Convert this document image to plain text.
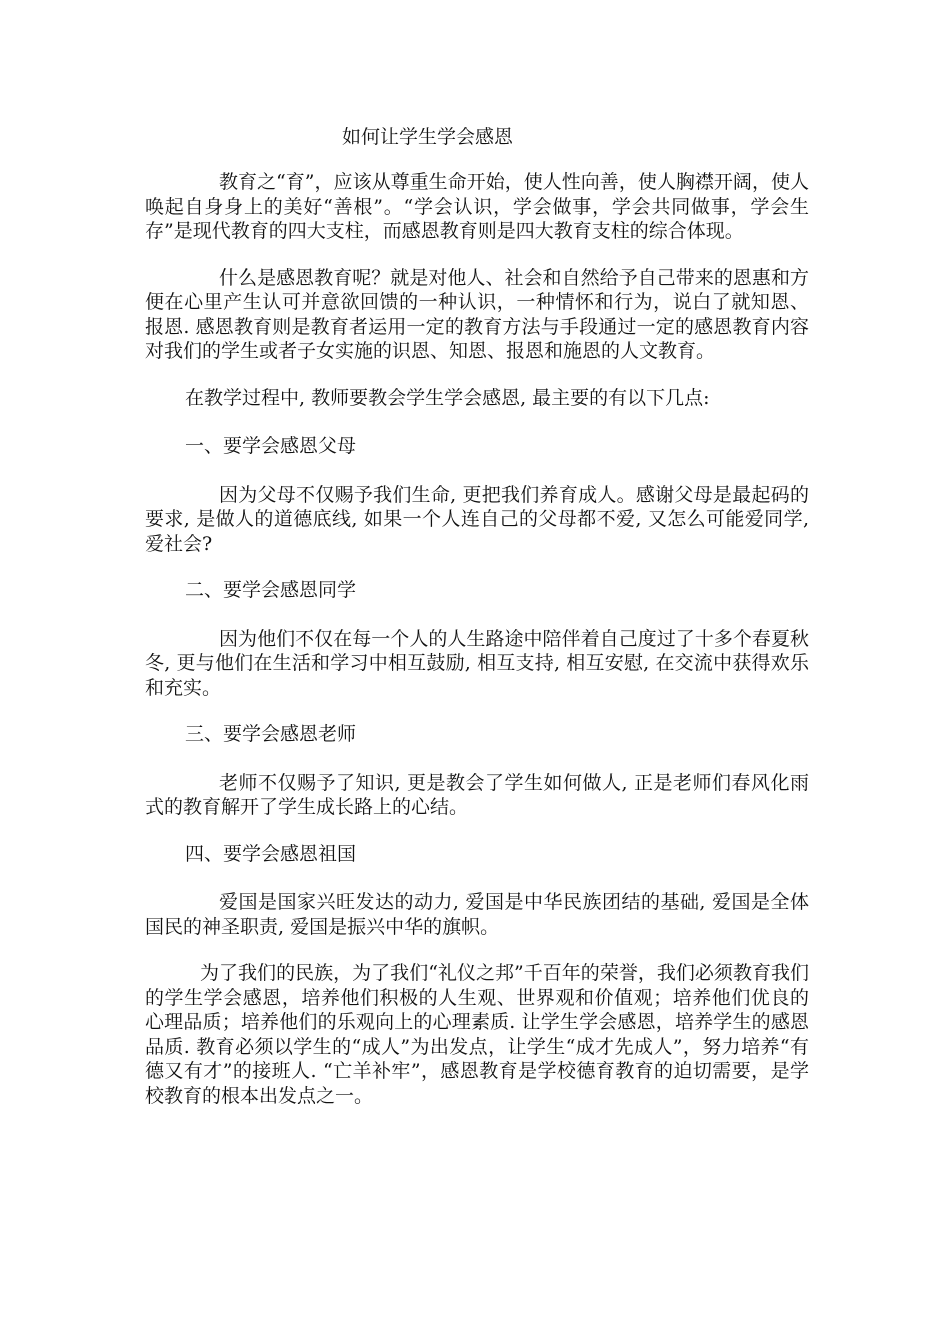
如何让学生学会感恩

教育之“育”，应该从尊重生命开始，使人性向善，使人胸襟开阔，使人唤起自身身上的美好“善根”。“学会认识，学会做事，学会共同做事，学会生存”是现代教育的四大支柱，而感恩教育则是四大教育支柱的综合体现。

什么是感恩教育呢？就是对他人、社会和自然给予自己带来的恩惠和方便在心里产生认可并意欲回馈的一种认识，一种情怀和行为，说白了就知恩、报恩. 感恩教育则是教育者运用一定的教育方法与手段通过一定的感恩教育内容对我们的学生或者子女实施的识恩、知恩、报恩和施恩的人文教育。

在教学过程中, 教师要教会学生学会感恩, 最主要的有以下几点:

一、要学会感恩父母

因为父母不仅赐予我们生命, 更把我们养育成人。感谢父母是最起码的要求, 是做人的道德底线, 如果一个人连自己的父母都不爱, 又怎么可能爱同学, 爱社会?

二、要学会感恩同学

因为他们不仅在每一个人的人生路途中陪伴着自己度过了十多个春夏秋冬, 更与他们在生活和学习中相互鼓励, 相互支持, 相互安慰, 在交流中获得欢乐和充实。

三、要学会感恩老师

老师不仅赐予了知识, 更是教会了学生如何做人, 正是老师们春风化雨式的教育解开了学生成长路上的心结。

四、要学会感恩祖国

爱国是国家兴旺发达的动力, 爱国是中华民族团结的基础, 爱国是全体国民的神圣职责, 爱国是振兴中华的旗帜。

为了我们的民族，为了我们“礼仪之邦”千百年的荣誉，我们必须教育我们的学生学会感恩，培养他们积极的人生观、世界观和价值观；培养他们优良的心理品质；培养他们的乐观向上的心理素质. 让学生学会感恩，培养学生的感恩品质. 教育必须以学生的“成人”为出发点，让学生“成才先成人”，努力培养“有德又有才”的接班人. “亡羊补牢”，感恩教育是学校德育教育的迫切需要，是学校教育的根本出发点之一。
